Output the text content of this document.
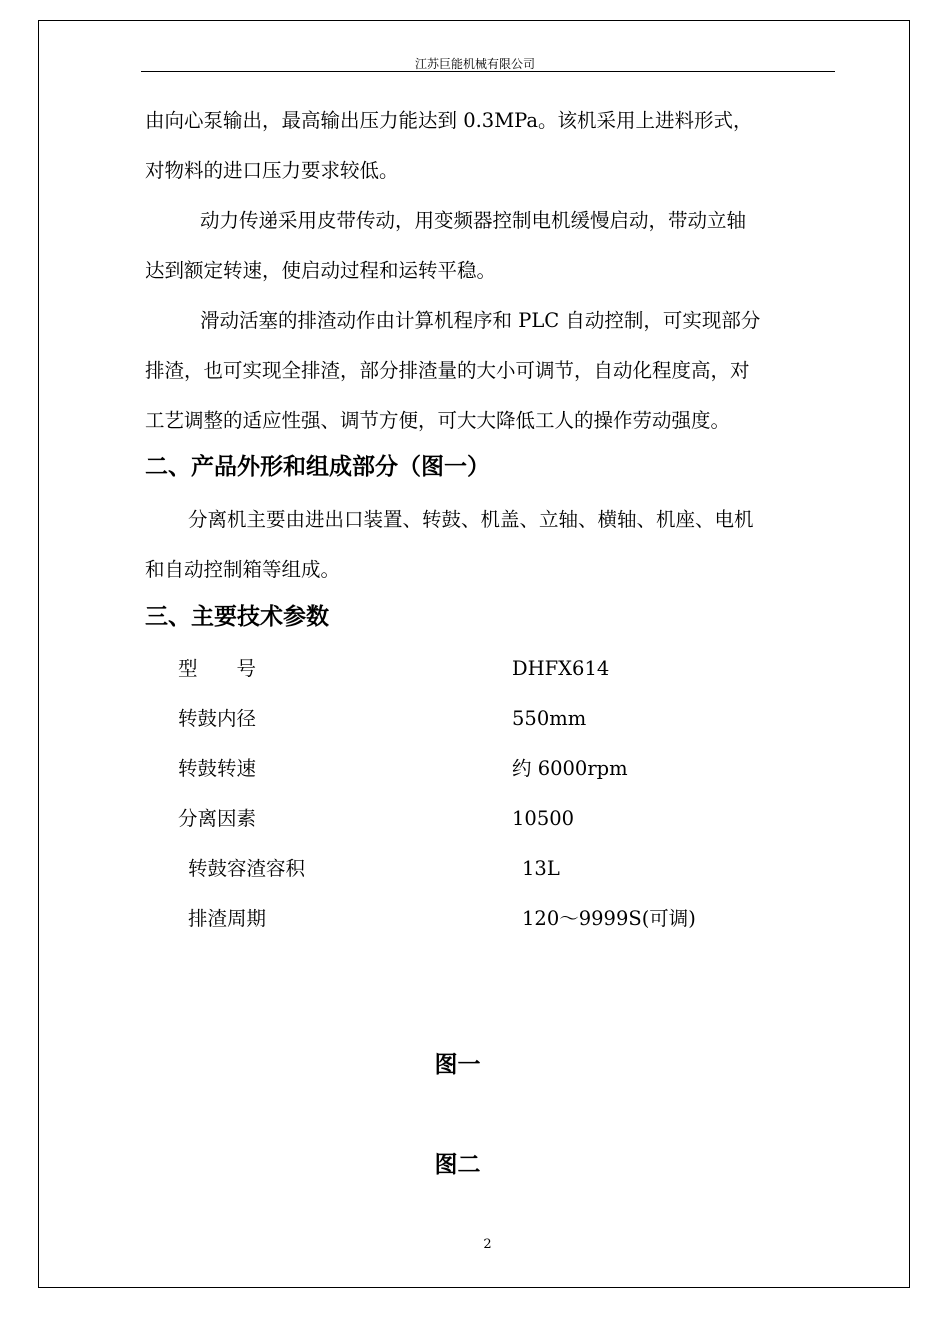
江苏巨能机械有限公司

由向心泵输出，最高输出压力能达到 0.3MPa。该机采用上进料形式，

对物料的进口压力要求较低。

动力传递采用皮带传动，用变频器控制电机缓慢启动，带动立轴

达到额定转速，使启动过程和运转平稳。

滑动活塞的排渣动作由计算机程序和 PLC 自动控制，可实现部分

排渣，也可实现全排渣，部分排渣量的大小可调节，自动化程度高，对

工艺调整的适应性强、调节方便，可大大降低工人的操作劳动强度。

二、产品外形和组成部分（图一）

分离机主要由进出口装置、转鼓、机盖、立轴、横轴、机座、电机

和自动控制箱等组成。

三、主要技术参数
型　　号	DHFX614
转鼓内径	550mm
转鼓转速	约 6000rpm
分离因素	10500
转鼓容渣容积	13L
排渣周期	120～9999S(可调)
图一
图二
2
